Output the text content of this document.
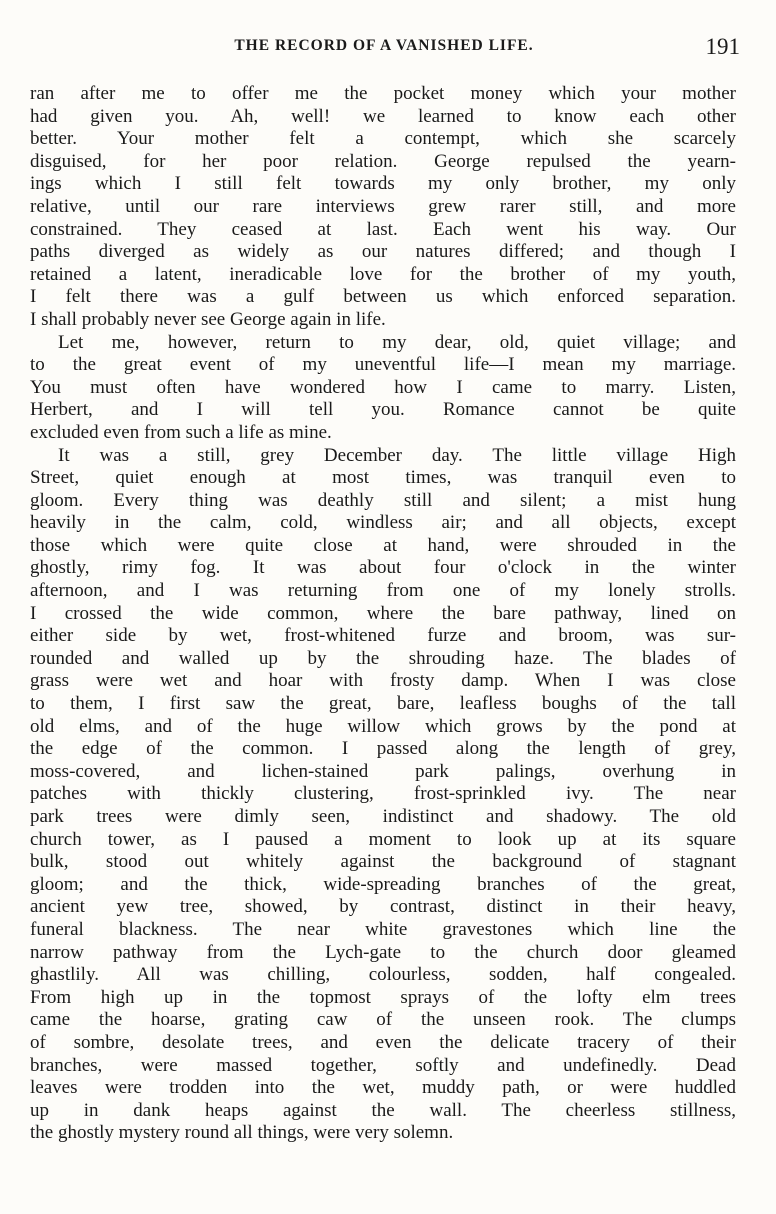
THE RECORD OF A VANISHED LIFE.	191
ran after me to offer me the pocket money which your mother
had given you. Ah, well! we learned to know each other
better. Your mother felt a contempt, which she scarcely
disguised, for her poor relation. George repulsed the yearn-
ings which I still felt towards my only brother, my only
relative, until our rare interviews grew rarer still, and more
constrained. They ceased at last. Each went his way. Our
paths diverged as widely as our natures differed; and though I
retained a latent, ineradicable love for the brother of my youth,
I felt there was a gulf between us which enforced separation.
I shall probably never see George again in life.
Let me, however, return to my dear, old, quiet village; and
to the great event of my uneventful life—I mean my marriage.
You must often have wondered how I came to marry. Listen,
Herbert, and I will tell you. Romance cannot be quite
excluded even from such a life as mine.
It was a still, grey December day. The little village High
Street, quiet enough at most times, was tranquil even to
gloom. Every thing was deathly still and silent; a mist hung
heavily in the calm, cold, windless air; and all objects, except
those which were quite close at hand, were shrouded in the
ghostly, rimy fog. It was about four o'clock in the winter
afternoon, and I was returning from one of my lonely strolls.
I crossed the wide common, where the bare pathway, lined on
either side by wet, frost-whitened furze and broom, was sur-
rounded and walled up by the shrouding haze. The blades of
grass were wet and hoar with frosty damp. When I was close
to them, I first saw the great, bare, leafless boughs of the tall
old elms, and of the huge willow which grows by the pond at
the edge of the common. I passed along the length of grey,
moss-covered, and lichen-stained park palings, overhung in
patches with thickly clustering, frost-sprinkled ivy. The near
park trees were dimly seen, indistinct and shadowy. The old
church tower, as I paused a moment to look up at its square
bulk, stood out whitely against the background of stagnant
gloom; and the thick, wide-spreading branches of the great,
ancient yew tree, showed, by contrast, distinct in their heavy,
funeral blackness. The near white gravestones which line the
narrow pathway from the Lych-gate to the church door gleamed
ghastlily. All was chilling, colourless, sodden, half congealed.
From high up in the topmost sprays of the lofty elm trees
came the hoarse, grating caw of the unseen rook. The clumps
of sombre, desolate trees, and even the delicate tracery of their
branches, were massed together, softly and undefinedly. Dead
leaves were trodden into the wet, muddy path, or were huddled
up in dank heaps against the wall. The cheerless stillness,
the ghostly mystery round all things, were very solemn.
